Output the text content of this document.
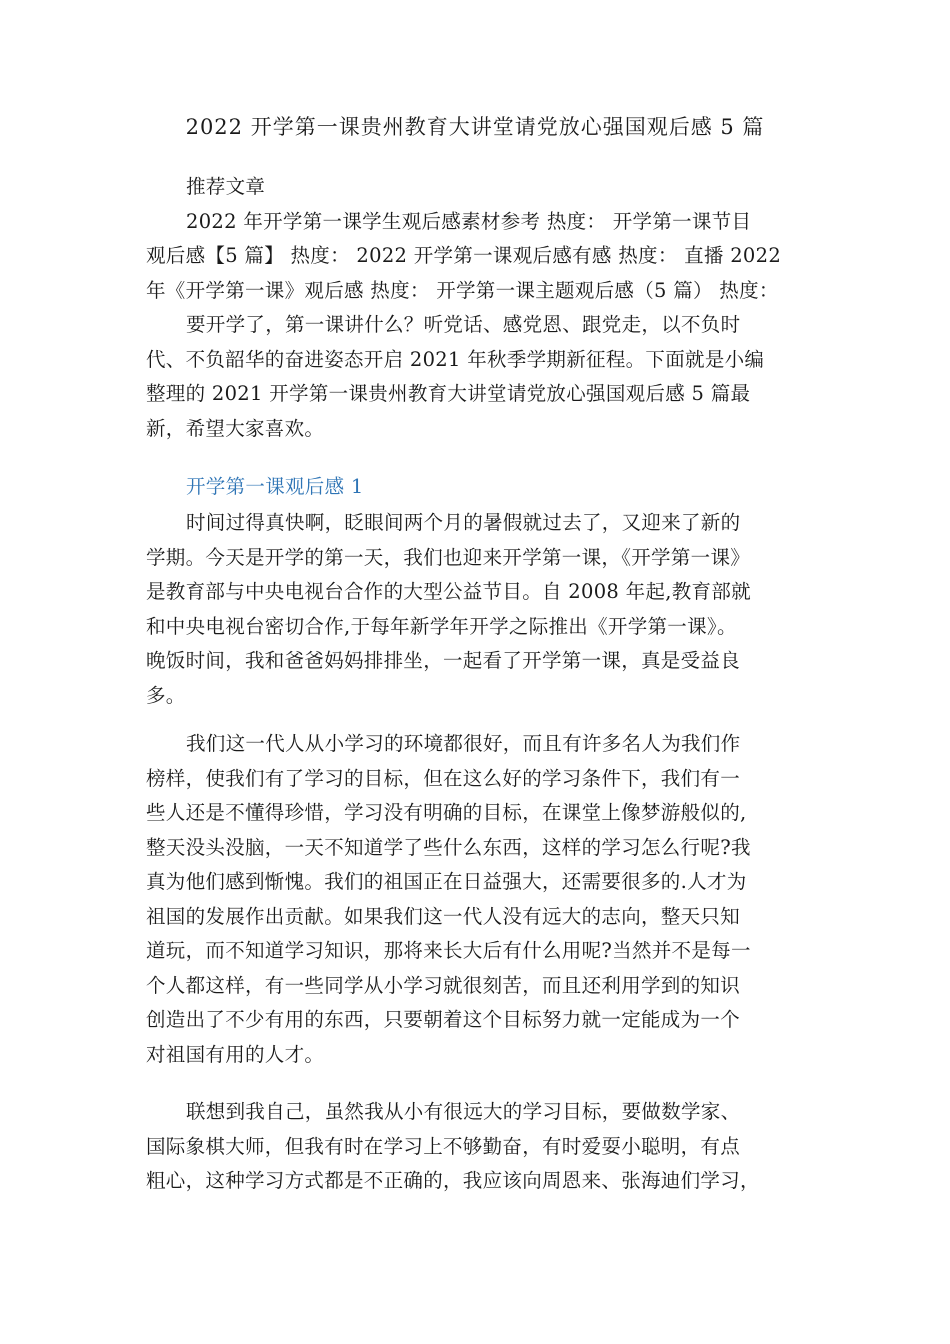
2022 开学第一课贵州教育大讲堂请党放心强国观后感 5 篇
推荐文章
2022 年开学第一课学生观后感素材参考 热度： 开学第一课节目
观后感【5 篇】 热度： 2022 开学第一课观后感有感 热度： 直播 2022
年《开学第一课》观后感 热度： 开学第一课主题观后感（5 篇） 热度：
要开学了，第一课讲什么？听党话、感党恩、跟党走，以不负时
代、不负韶华的奋进姿态开启 2021 年秋季学期新征程。下面就是小编
整理的 2021 开学第一课贵州教育大讲堂请党放心强国观后感 5 篇最
新，希望大家喜欢。
开学第一课观后感 1
时间过得真快啊，眨眼间两个月的暑假就过去了，又迎来了新的
学期。今天是开学的第一天，我们也迎来开学第一课，《开学第一课》
是教育部与中央电视台合作的大型公益节目。自 2008 年起,教育部就
和中央电视台密切合作,于每年新学年开学之际推出《开学第一课》。
晚饭时间，我和爸爸妈妈排排坐，一起看了开学第一课，真是受益良
多。
我们这一代人从小学习的环境都很好，而且有许多名人为我们作
榜样，使我们有了学习的目标，但在这么好的学习条件下，我们有一
些人还是不懂得珍惜，学习没有明确的目标，在课堂上像梦游般似的,
整天没头没脑，一天不知道学了些什么东西，这样的学习怎么行呢?我
真为他们感到惭愧。我们的祖国正在日益强大，还需要很多的.人才为
祖国的发展作出贡献。如果我们这一代人没有远大的志向，整天只知
道玩，而不知道学习知识，那将来长大后有什么用呢?当然并不是每一
个人都这样，有一些同学从小学习就很刻苦，而且还利用学到的知识
创造出了不少有用的东西，只要朝着这个目标努力就一定能成为一个
对祖国有用的人才。
联想到我自己，虽然我从小有很远大的学习目标，要做数学家、
国际象棋大师，但我有时在学习上不够勤奋，有时爱耍小聪明，有点
粗心，这种学习方式都是不正确的，我应该向周恩来、张海迪们学习，
